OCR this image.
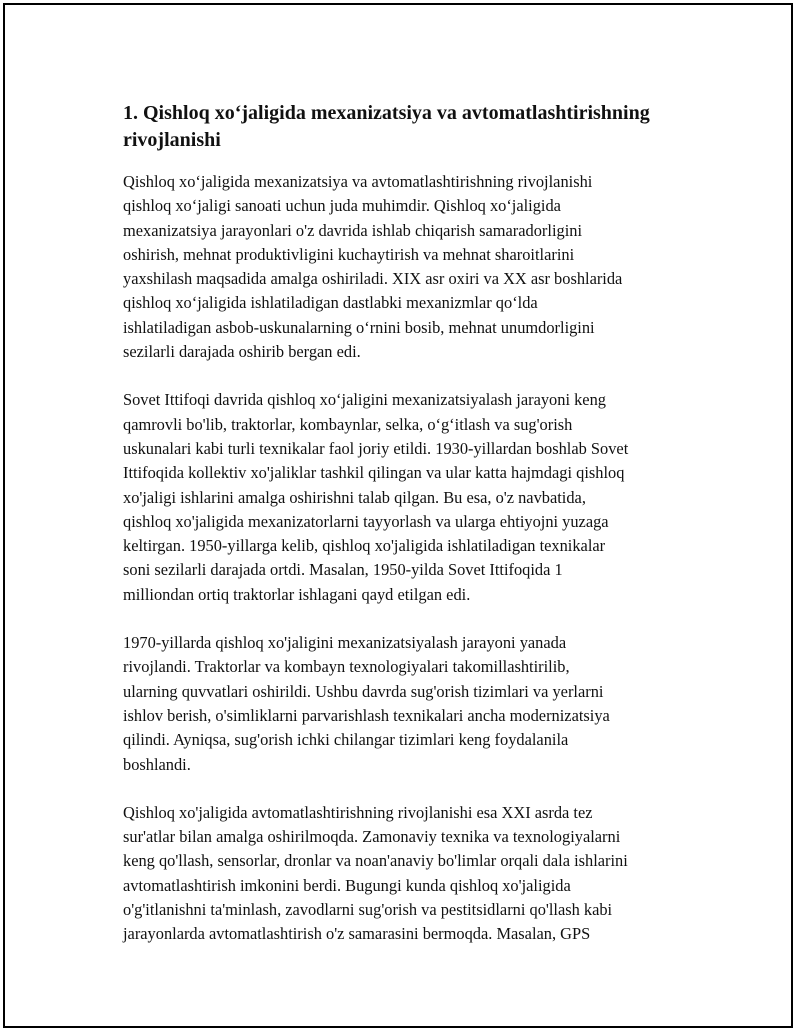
1. Qishloq xo‘jaligida mexanizatsiya va avtomatlashtirishning rivojlanishi
Qishloq xo‘jaligida mexanizatsiya va avtomatlashtirishning rivojlanishi
qishloq xo‘jaligi sanoati uchun juda muhimdir. Qishloq xo‘jaligida
mexanizatsiya jarayonlari o'z davrida ishlab chiqarish samaradorligini
oshirish, mehnat produktivligini kuchaytirish va mehnat sharoitlarini
yaxshilash maqsadida amalga oshiriladi. XIX asr oxiri va XX asr boshlarida
qishloq xo‘jaligida ishlatiladigan dastlabki mexanizmlar qo‘lda
ishlatiladigan asbob-uskunalarning o‘rnini bosib, mehnat unumdorligini
sezilarli darajada oshirib bergan edi.
Sovet Ittifoqi davrida qishloq xo‘jaligini mexanizatsiyalash jarayoni keng
qamrovli bo'lib, traktorlar, kombaynlar, selka, o‘g‘itlash va sug'orish
uskunalari kabi turli texnikalar faol joriy etildi. 1930-yillardan boshlab Sovet
Ittifoqida kollektiv xo'jaliklar tashkil qilingan va ular katta hajmdagi qishloq
xo'jaligi ishlarini amalga oshirishni talab qilgan. Bu esa, o'z navbatida,
qishloq xo'jaligida mexanizatorlarni tayyorlash va ularga ehtiyojni yuzaga
keltirgan. 1950-yillarga kelib, qishloq xo'jaligida ishlatiladigan texnikalar
soni sezilarli darajada ortdi. Masalan, 1950-yilda Sovet Ittifoqida 1
milliondan ortiq traktorlar ishlagani qayd etilgan edi.
1970-yillarda qishloq xo'jaligini mexanizatsiyalash jarayoni yanada
rivojlandi. Traktorlar va kombayn texnologiyalari takomillashtirilib,
ularning quvvatlari oshirildi. Ushbu davrda sug'orish tizimlari va yerlarni
ishlov berish, o'simliklarni parvarishlash texnikalari ancha modernizatsiya
qilindi. Ayniqsa, sug'orish ichki chilangar tizimlari keng foydalanila
boshlandi.
Qishloq xo'jaligida avtomatlashtirishning rivojlanishi esa XXI asrda tez
sur'atlar bilan amalga oshirilmoqda. Zamonaviy texnika va texnologiyalarni
keng qo'llash, sensorlar, dronlar va noan'anaviy bo'limlar orqali dala ishlarini
avtomatlashtirish imkonini berdi. Bugungi kunda qishloq xo'jaligida
o'g'itlanishni ta'minlash, zavodlarni sug'orish va pestitsidlarni qo'llash kabi
jarayonlarda avtomatlashtirish o'z samarasini bermoqda. Masalan, GPS
